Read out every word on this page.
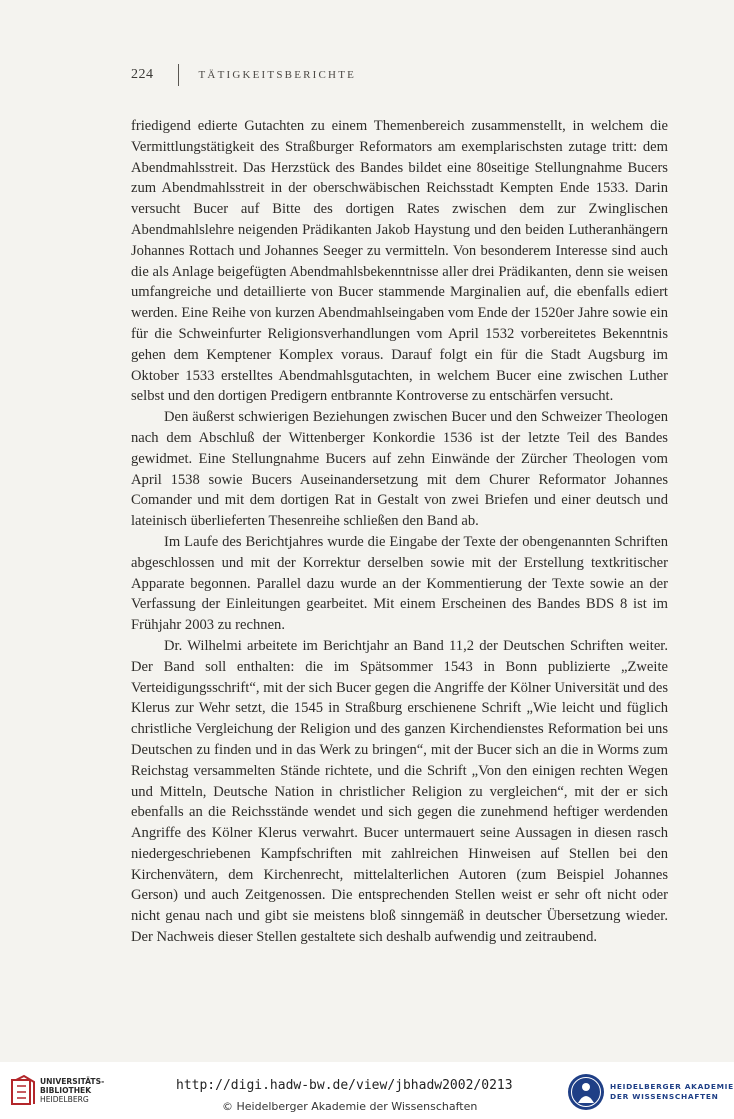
224	TÄTIGKEITSBERICHTE

friedigend edierte Gutachten zu einem Themenbereich zusammenstellt, in welchem die Vermittlungstätigkeit des Straßburger Reformators am exemplarischsten zutage tritt: dem Abendmahlsstreit. Das Herzstück des Bandes bildet eine 80seitige Stellungnahme Bucers zum Abendmahlsstreit in der oberschwäbischen Reichsstadt Kempten Ende 1533. Darin versucht Bucer auf Bitte des dortigen Rates zwischen dem zur Zwinglischen Abendmahlslehre neigenden Prädikanten Jakob Haystung und den beiden Lutheranhängern Johannes Rottach und Johannes Seeger zu vermitteln. Von besonderem Interesse sind auch die als Anlage beigefügten Abendmahlsbekenntnisse aller drei Prädikanten, denn sie weisen umfangreiche und detaillierte von Bucer stammende Marginalien auf, die ebenfalls ediert werden. Eine Reihe von kurzen Abendmahlseingaben vom Ende der 1520er Jahre sowie ein für die Schweinfurter Religionsverhandlungen vom April 1532 vorbereitetes Bekenntnis gehen dem Kemptener Komplex voraus. Darauf folgt ein für die Stadt Augsburg im Oktober 1533 erstelltes Abendmahlsgutachten, in welchem Bucer eine zwischen Luther selbst und den dortigen Predigern entbrannte Kontroverse zu entschärfen versucht.

Den äußerst schwierigen Beziehungen zwischen Bucer und den Schweizer Theologen nach dem Abschluß der Wittenberger Konkordie 1536 ist der letzte Teil des Bandes gewidmet. Eine Stellungnahme Bucers auf zehn Einwände der Zürcher Theologen vom April 1538 sowie Bucers Auseinandersetzung mit dem Churer Reformator Johannes Comander und mit dem dortigen Rat in Gestalt von zwei Briefen und einer deutsch und lateinisch überlieferten Thesenreihe schließen den Band ab.

Im Laufe des Berichtjahres wurde die Eingabe der Texte der obengenannten Schriften abgeschlossen und mit der Korrektur derselben sowie mit der Erstellung textkritischer Apparate begonnen. Parallel dazu wurde an der Kommentierung der Texte sowie an der Verfassung der Einleitungen gearbeitet. Mit einem Erscheinen des Bandes BDS 8 ist im Frühjahr 2003 zu rechnen.

Dr. Wilhelmi arbeitete im Berichtjahr an Band 11,2 der Deutschen Schriften weiter. Der Band soll enthalten: die im Spätsommer 1543 in Bonn publizierte „Zweite Verteidigungsschrift“, mit der sich Bucer gegen die Angriffe der Kölner Universität und des Klerus zur Wehr setzt, die 1545 in Straßburg erschienene Schrift „Wie leicht und füglich christliche Vergleichung der Religion und des ganzen Kirchendienstes Reformation bei uns Deutschen zu finden und in das Werk zu bringen“, mit der Bucer sich an die in Worms zum Reichstag versammelten Stände richtete, und die Schrift „Von den einigen rechten Wegen und Mitteln, Deutsche Nation in christlicher Religion zu vergleichen“, mit der er sich ebenfalls an die Reichsstände wendet und sich gegen die zunehmend heftiger werdenden Angriffe des Kölner Klerus verwahrt. Bucer untermauert seine Aussagen in diesen rasch niedergeschriebenen Kampfschriften mit zahlreichen Hinweisen auf Stellen bei den Kirchenvätern, dem Kirchenrecht, mittelalterlichen Autoren (zum Beispiel Johannes Gerson) und auch Zeitgenossen. Die entsprechenden Stellen weist er sehr oft nicht oder nicht genau nach und gibt sie meistens bloß sinngemäß in deutscher Übersetzung wieder. Der Nachweis dieser Stellen gestaltete sich deshalb aufwendig und zeitraubend.

UNIVERSITÄTS-
BIBLIOTHEK
HEIDELBERG
http://digi.hadw-bw.de/view/jbhadw2002/0213
© Heidelberger Akademie der Wissenschaften
HEIDELBERGER AKADEMIE
DER WISSENSCHAFTEN
